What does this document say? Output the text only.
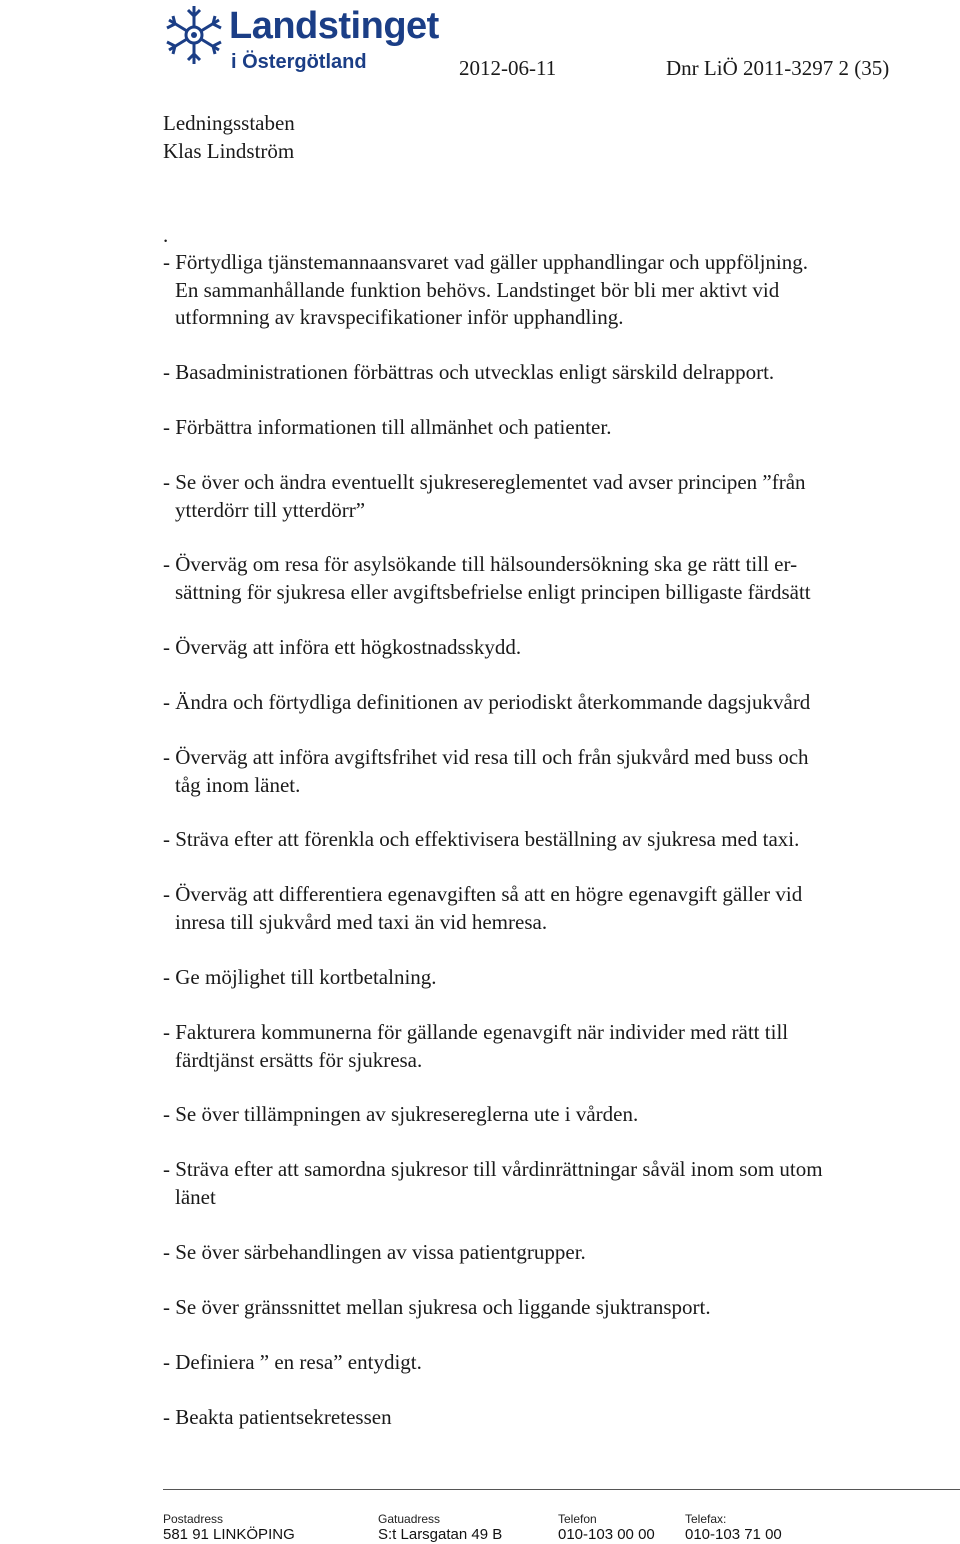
Landstinget
i Östergötland	2012-06-11	Dnr LiÖ 2011-3297 2 (35)
Ledningsstaben
Klas Lindström
.
- Förtydliga tjänstemannaansvaret vad gäller upphandlingar och uppföljning.
En sammanhållande funktion behövs. Landstinget bör bli mer aktivt vid
utformning av kravspecifikationer inför upphandling.
- Basadministrationen förbättras och utvecklas enligt särskild delrapport.
- Förbättra informationen till allmänhet och patienter.
- Se över och ändra eventuellt sjukresereglementet vad avser principen ”från
ytterdörr till ytterdörr”
- Överväg om resa för asylsökande till hälsoundersökning ska ge rätt till er-
sättning för sjukresa eller avgiftsbefrielse enligt principen billigaste färdsätt
- Överväg att införa ett högkostnadsskydd.
- Ändra och förtydliga definitionen av periodiskt återkommande dagsjukvård
- Överväg att införa avgiftsfrihet vid resa till och från sjukvård med buss och
tåg inom länet.
- Sträva efter att förenkla och effektivisera beställning av sjukresa med taxi.
- Överväg att differentiera egenavgiften så att en högre egenavgift gäller vid
inresa till sjukvård med taxi än vid hemresa.
- Ge möjlighet till kortbetalning.
- Fakturera kommunerna för gällande egenavgift när individer med rätt till
färdtjänst ersätts för sjukresa.
- Se över tillämpningen av sjukresereglerna ute i vården.
- Sträva efter att samordna sjukresor till vårdinrättningar såväl inom som utom
länet
- Se över särbehandlingen av vissa patientgrupper.
- Se över gränssnittet mellan sjukresa och liggande sjuktransport.
- Definiera ” en resa” entydigt.
- Beakta patientsekretessen
Postadress
581 91 LINKÖPING
Gatuadress
S:t Larsgatan 49 B
Telefon
010-103 00 00
Telefax:
010-103 71 00
